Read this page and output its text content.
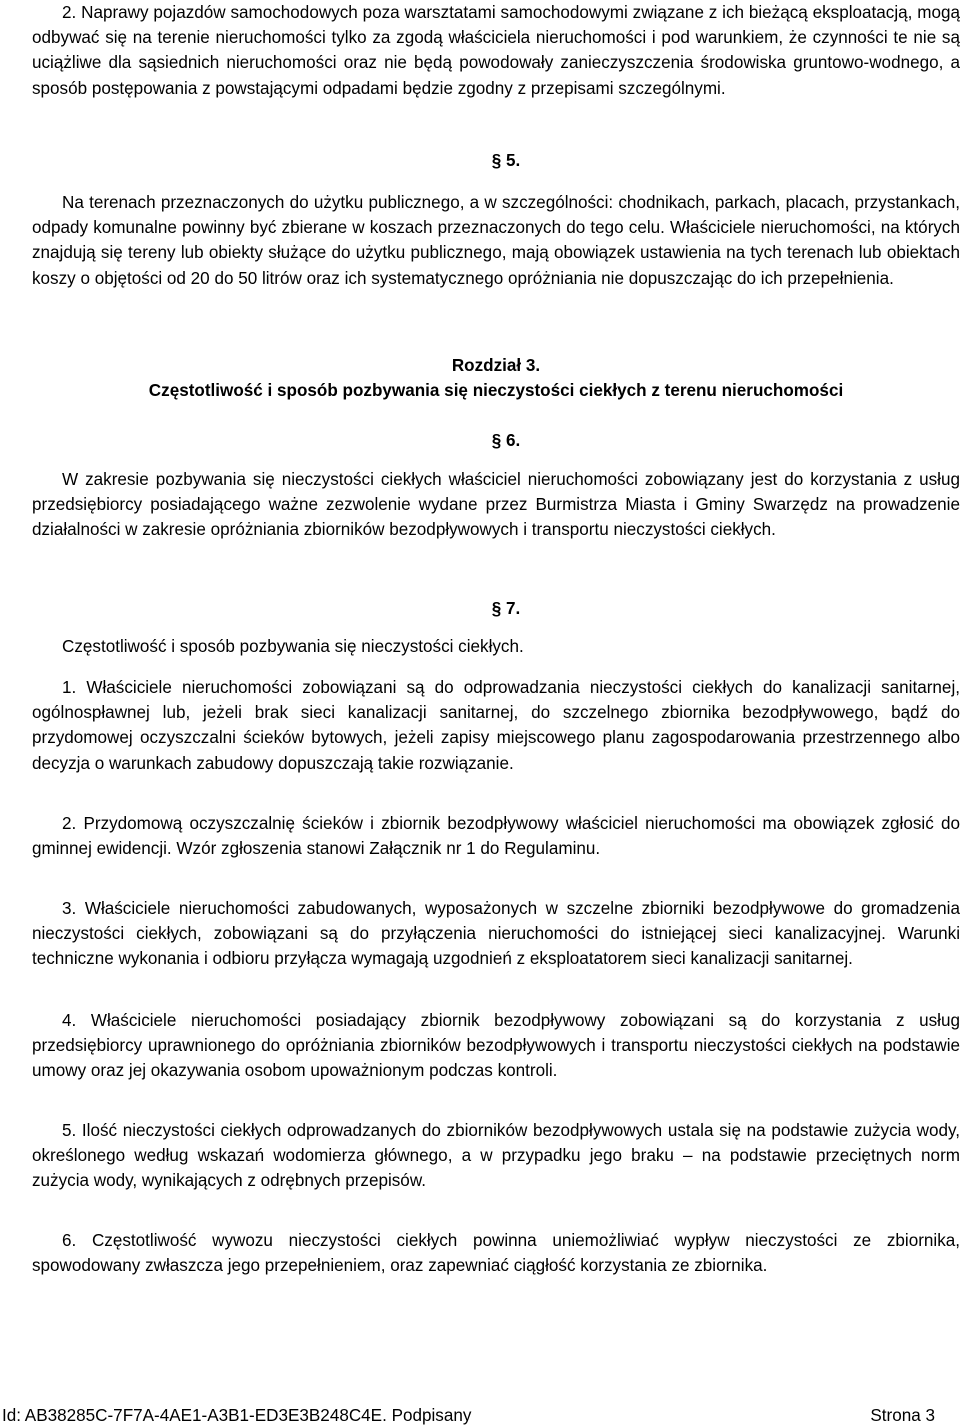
2. Naprawy pojazdów samochodowych poza warsztatami samochodowymi związane z ich bieżącą eksploatacją, mogą odbywać się na terenie nieruchomości tylko za zgodą właściciela nieruchomości i pod warunkiem, że czynności te nie są uciążliwe dla sąsiednich nieruchomości oraz nie będą powodowały zanieczyszczenia środowiska gruntowo-wodnego, a sposób postępowania z powstającymi odpadami będzie zgodny z przepisami szczególnymi.

§ 5.

Na terenach przeznaczonych do użytku publicznego, a w szczególności: chodnikach, parkach, placach, przystankach, odpady komunalne powinny być zbierane w koszach przeznaczonych do tego celu. Właściciele nieruchomości, na których znajdują się tereny lub obiekty służące do użytku publicznego, mają obowiązek ustawienia na tych terenach lub obiektach koszy o objętości od 20 do 50 litrów oraz ich systematycznego opróżniania nie dopuszczając do ich przepełnienia.

Rozdział 3.

Częstotliwość i sposób pozbywania się nieczystości ciekłych z terenu nieruchomości

§ 6.

W zakresie pozbywania się nieczystości ciekłych właściciel nieruchomości zobowiązany jest do korzystania z usług przedsiębiorcy posiadającego ważne zezwolenie wydane przez Burmistrza Miasta i Gminy Swarzędz na prowadzenie działalności w zakresie opróżniania zbiorników bezodpływowych i transportu nieczystości ciekłych.

§ 7.

Częstotliwość i sposób pozbywania się nieczystości ciekłych.

1. Właściciele nieruchomości zobowiązani są do odprowadzania nieczystości ciekłych do kanalizacji sanitarnej, ogólnospławnej lub, jeżeli brak sieci kanalizacji sanitarnej, do szczelnego zbiornika bezodpływowego, bądź do przydomowej oczyszczalni ścieków bytowych, jeżeli zapisy miejscowego planu zagospodarowania przestrzennego albo decyzja o warunkach zabudowy dopuszczają takie rozwiązanie.

2. Przydomową oczyszczalnię ścieków i zbiornik bezodpływowy właściciel nieruchomości ma obowiązek zgłosić do gminnej ewidencji. Wzór zgłoszenia stanowi Załącznik nr 1 do Regulaminu.

3. Właściciele nieruchomości zabudowanych, wyposażonych w szczelne zbiorniki bezodpływowe do gromadzenia nieczystości ciekłych, zobowiązani są do przyłączenia nieruchomości do istniejącej sieci kanalizacyjnej. Warunki techniczne wykonania i odbioru przyłącza wymagają uzgodnień z eksploatatorem sieci kanalizacji sanitarnej.

4. Właściciele nieruchomości posiadający zbiornik bezodpływowy zobowiązani są do korzystania z usług przedsiębiorcy uprawnionego do opróżniania zbiorników bezodpływowych i transportu nieczystości ciekłych na podstawie umowy oraz jej okazywania osobom upoważnionym podczas kontroli.

5. Ilość nieczystości ciekłych odprowadzanych do zbiorników bezodpływowych ustala się na podstawie zużycia wody, określonego według wskazań wodomierza głównego, a w przypadku jego braku – na podstawie przeciętnych norm zużycia wody, wynikających z odrębnych przepisów.

6. Częstotliwość wywozu nieczystości ciekłych powinna uniemożliwiać wypływ nieczystości ze zbiornika, spowodowany zwłaszcza jego przepełnieniem, oraz zapewniać ciągłość korzystania ze zbiornika.

Id: AB38285C-7F7A-4AE1-A3B1-ED3E3B248C4E. Podpisany	Strona 3
